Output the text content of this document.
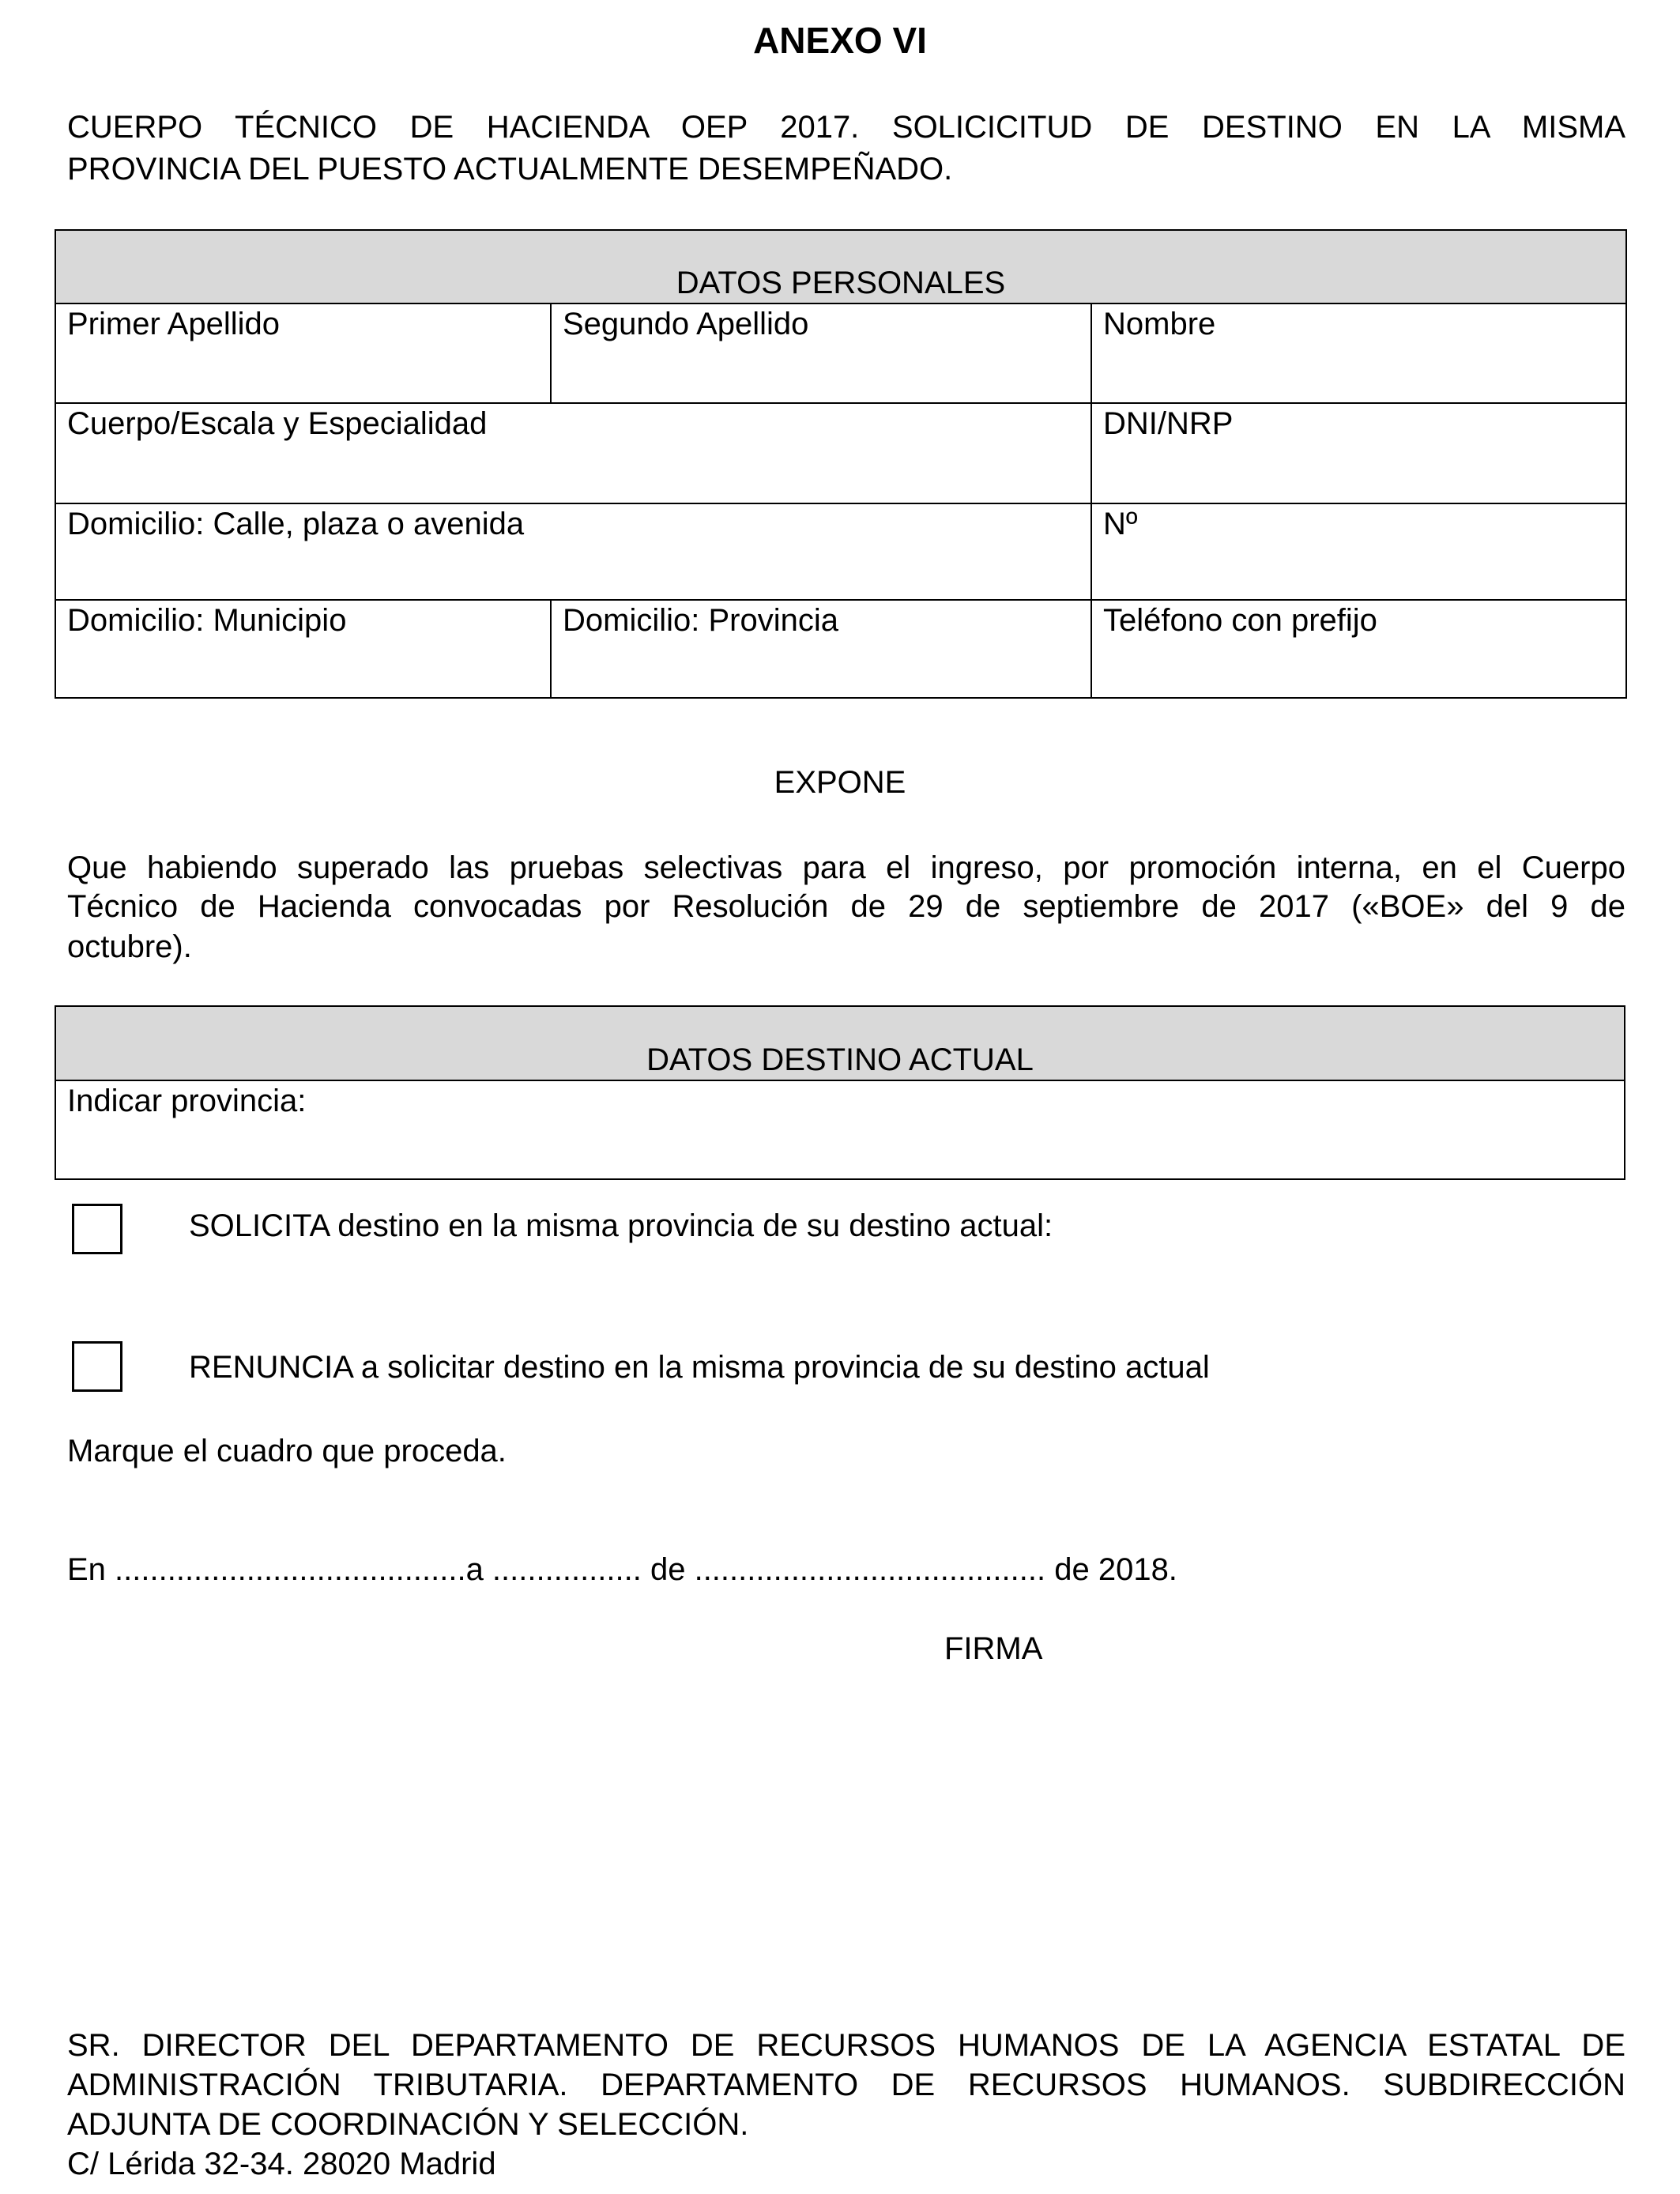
ANEXO VI
CUERPO TÉCNICO DE HACIENDA OEP 2017. SOLICICITUD DE DESTINO EN LA MISMA
PROVINCIA DEL PUESTO ACTUALMENTE DESEMPEÑADO.
DATOS PERSONALES		
Primer Apellido	Segundo Apellido	Nombre
Cuerpo/Escala y Especialidad		DNI/NRP
Domicilio: Calle, plaza o avenida		Nº
Domicilio: Municipio	Domicilio: Provincia	Teléfono con prefijo
EXPONE
Que habiendo superado las pruebas selectivas para el ingreso, por promoción interna, en el Cuerpo
Técnico de Hacienda convocadas por Resolución de 29 de septiembre de 2017 («BOE» del 9 de
octubre).
DATOS DESTINO ACTUAL
Indicar provincia:
SOLICITA destino en la misma provincia de su destino actual:
RENUNCIA a solicitar destino en la misma provincia de su destino actual
Marque el cuadro que proceda.
En ........................................a ................. de ........................................ de 2018.
FIRMA
SR. DIRECTOR DEL DEPARTAMENTO DE RECURSOS HUMANOS DE LA AGENCIA ESTATAL DE
ADMINISTRACIÓN TRIBUTARIA. DEPARTAMENTO DE RECURSOS HUMANOS. SUBDIRECCIÓN
ADJUNTA DE COORDINACIÓN Y SELECCIÓN.
C/ Lérida 32-34. 28020 Madrid
